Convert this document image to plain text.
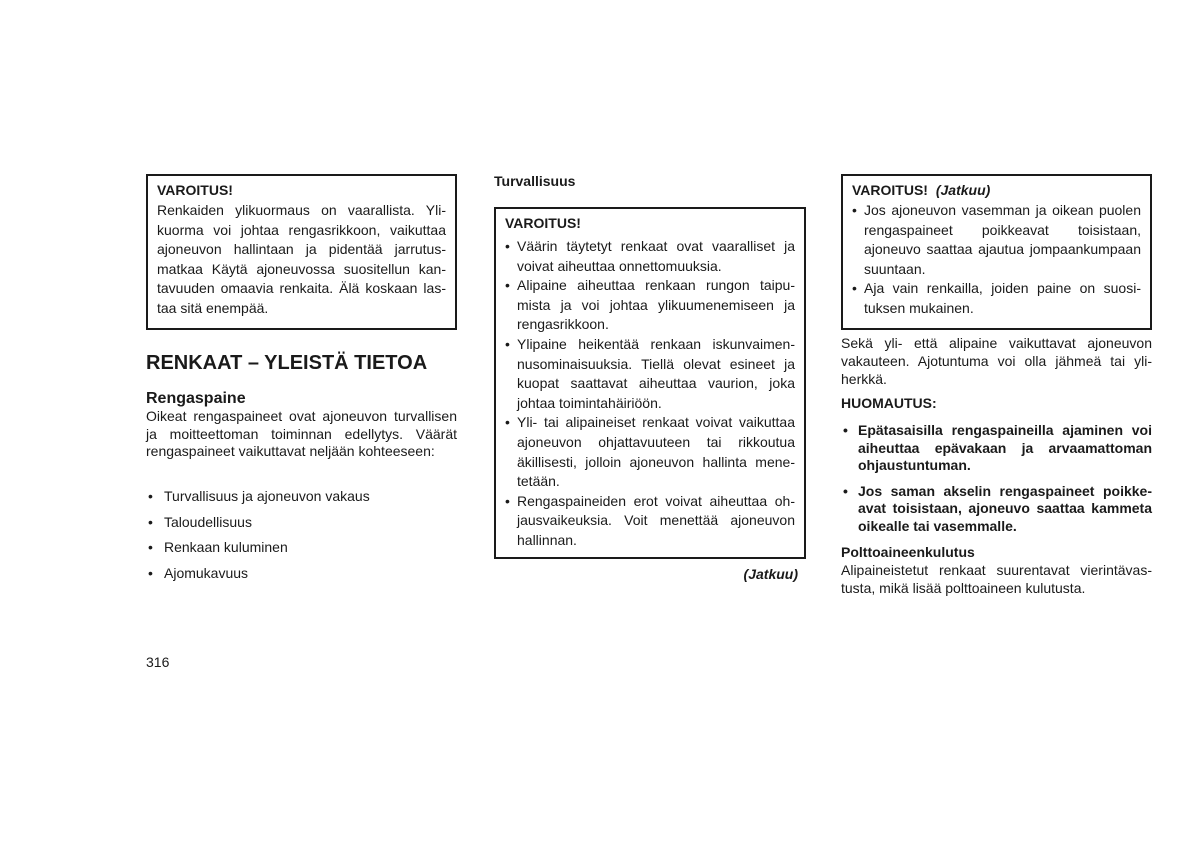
VAROITUS!
Renkaiden ylikuormaus on vaarallista. Ylikuorma voi johtaa rengasrikkoon, vaikuttaa ajoneuvon hallintaan ja pidentää jarrutusmatkaa Käytä ajoneuvossa suositellun kantavuuden omaavia renkaita. Älä koskaan lastaa sitä enempää.
RENKAAT – YLEISTÄ TIETOA
Rengaspaine
Oikeat rengaspaineet ovat ajoneuvon turvallisen ja moitteettoman toiminnan edellytys. Väärät rengaspaineet vaikuttavat neljään kohteeseen:
• Turvallisuus ja ajoneuvon vakaus
• Taloudellisuus
• Renkaan kuluminen
• Ajomukavuus
Turvallisuus
VAROITUS!
• Väärin täytetyt renkaat ovat vaaralliset ja voivat aiheuttaa onnettomuuksia.
• Alipaine aiheuttaa renkaan rungon taipumista ja voi johtaa ylikuumenemiseen ja rengasrikkoon.
• Ylipaine heikentää renkaan iskunvaimennusominaisuuksia. Tiellä olevat esineet ja kuopat saattavat aiheuttaa vaurion, joka johtaa toimintahäiriöön.
• Yli- tai alipaineiset renkaat voivat vaikuttaa ajoneuvon ohjattavuuteen tai rikkoutua äkillisesti, jolloin ajoneuvon hallinta menetetään.
• Rengaspaineiden erot voivat aiheuttaa ohjausvaikeuksia. Voit menettää ajoneuvon hallinnan.
(Jatkuu)
VAROITUS! (Jatkuu)
• Jos ajoneuvon vasemman ja oikean puolen rengaspaineet poikkeavat toisistaan, ajoneuvo saattaa ajautua jompaankumpaan suuntaan.
• Aja vain renkailla, joiden paine on suosituksen mukainen.
Sekä yli- että alipaine vaikuttavat ajoneuvon vakauteen. Ajotuntuma voi olla jähmeä tai yliherkkä.
HUOMAUTUS:
• Epätasaisilla rengaspaineilla ajaminen voi aiheuttaa epävakaan ja arvaamattoman ohjaustuntuman.
• Jos saman akselin rengaspaineet poikkeavat toisistaan, ajoneuvo saattaa kammeta oikealle tai vasemmalle.
Polttoaineenkulutus
Alipaineistetut renkaat suurentavat vierintävastusta, mikä lisää polttoaineen kulutusta.
316
